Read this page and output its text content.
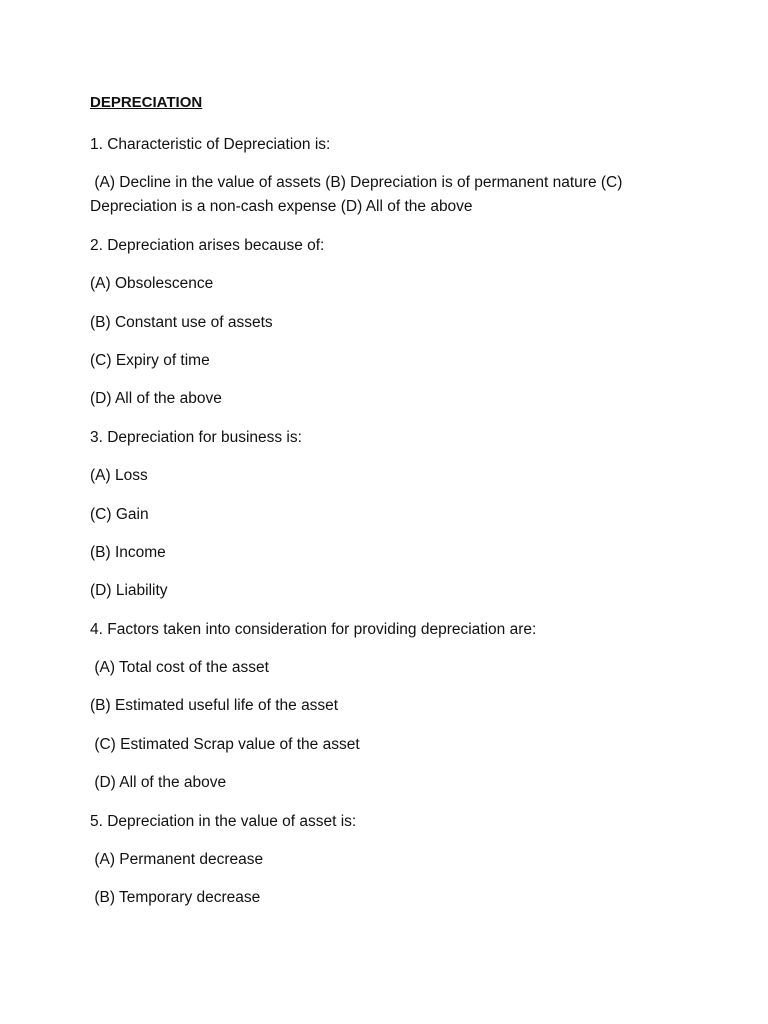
DEPRECIATION
1. Characteristic of Depreciation is:
(A) Decline in the value of assets (B) Depreciation is of permanent nature (C) Depreciation is a non-cash expense (D) All of the above
2. Depreciation arises because of:
(A) Obsolescence
(B) Constant use of assets
(C) Expiry of time
(D) All of the above
3. Depreciation for business is:
(A) Loss
(C) Gain
(B) Income
(D) Liability
4. Factors taken into consideration for providing depreciation are:
(A) Total cost of the asset
(B) Estimated useful life of the asset
(C) Estimated Scrap value of the asset
(D) All of the above
5. Depreciation in the value of asset is:
(A) Permanent decrease
(B) Temporary decrease
